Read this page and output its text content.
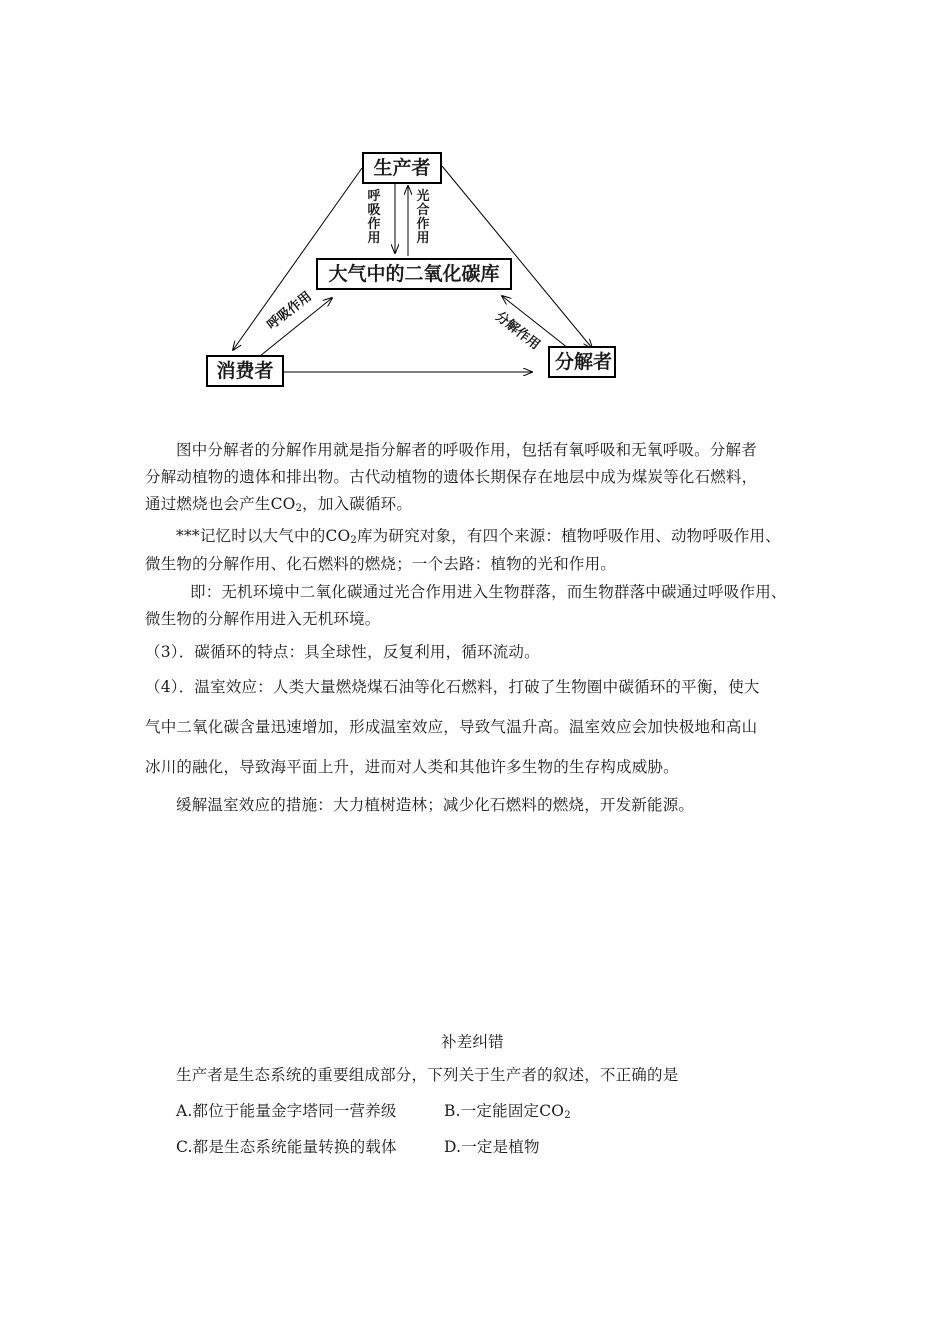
生产者
大气中的二氧化碳库
消费者	分解者
呼吸作用
光合作用
呼吸作用	分解作用
图中分解者的分解作用就是指分解者的呼吸作用，包括有氧呼吸和无氧呼吸。分解者
分解动植物的遗体和排出物。古代动植物的遗体长期保存在地层中成为煤炭等化石燃料，
通过燃烧也会产生$CO_2$，加入碳循环。
***记忆时以大气中的$CO_2$库为研究对象，有四个来源：植物呼吸作用、动物呼吸作用、
微生物的分解作用、化石燃料的燃烧；一个去路：植物的光和作用。
即：无机环境中二氧化碳通过光合作用进入生物群落，而生物群落中碳通过呼吸作用、
微生物的分解作用进入无机环境。
（3）．碳循环的特点：具全球性，反复利用，循环流动。
（4）．温室效应：人类大量燃烧煤石油等化石燃料，打破了生物圈中碳循环的平衡，使大
气中二氧化碳含量迅速增加，形成温室效应，导致气温升高。温室效应会加快极地和高山
冰川的融化，导致海平面上升，进而对人类和其他许多生物的生存构成威胁。
缓解温室效应的措施：大力植树造林；减少化石燃料的燃烧，开发新能源。
补差纠错
生产者是生态系统的重要组成部分，下列关于生产者的叙述，不正确的是
A.都位于能量金字塔同一营养级	B.一定能固定$CO_2$
C.都是生态系统能量转换的载体	D.一定是植物
